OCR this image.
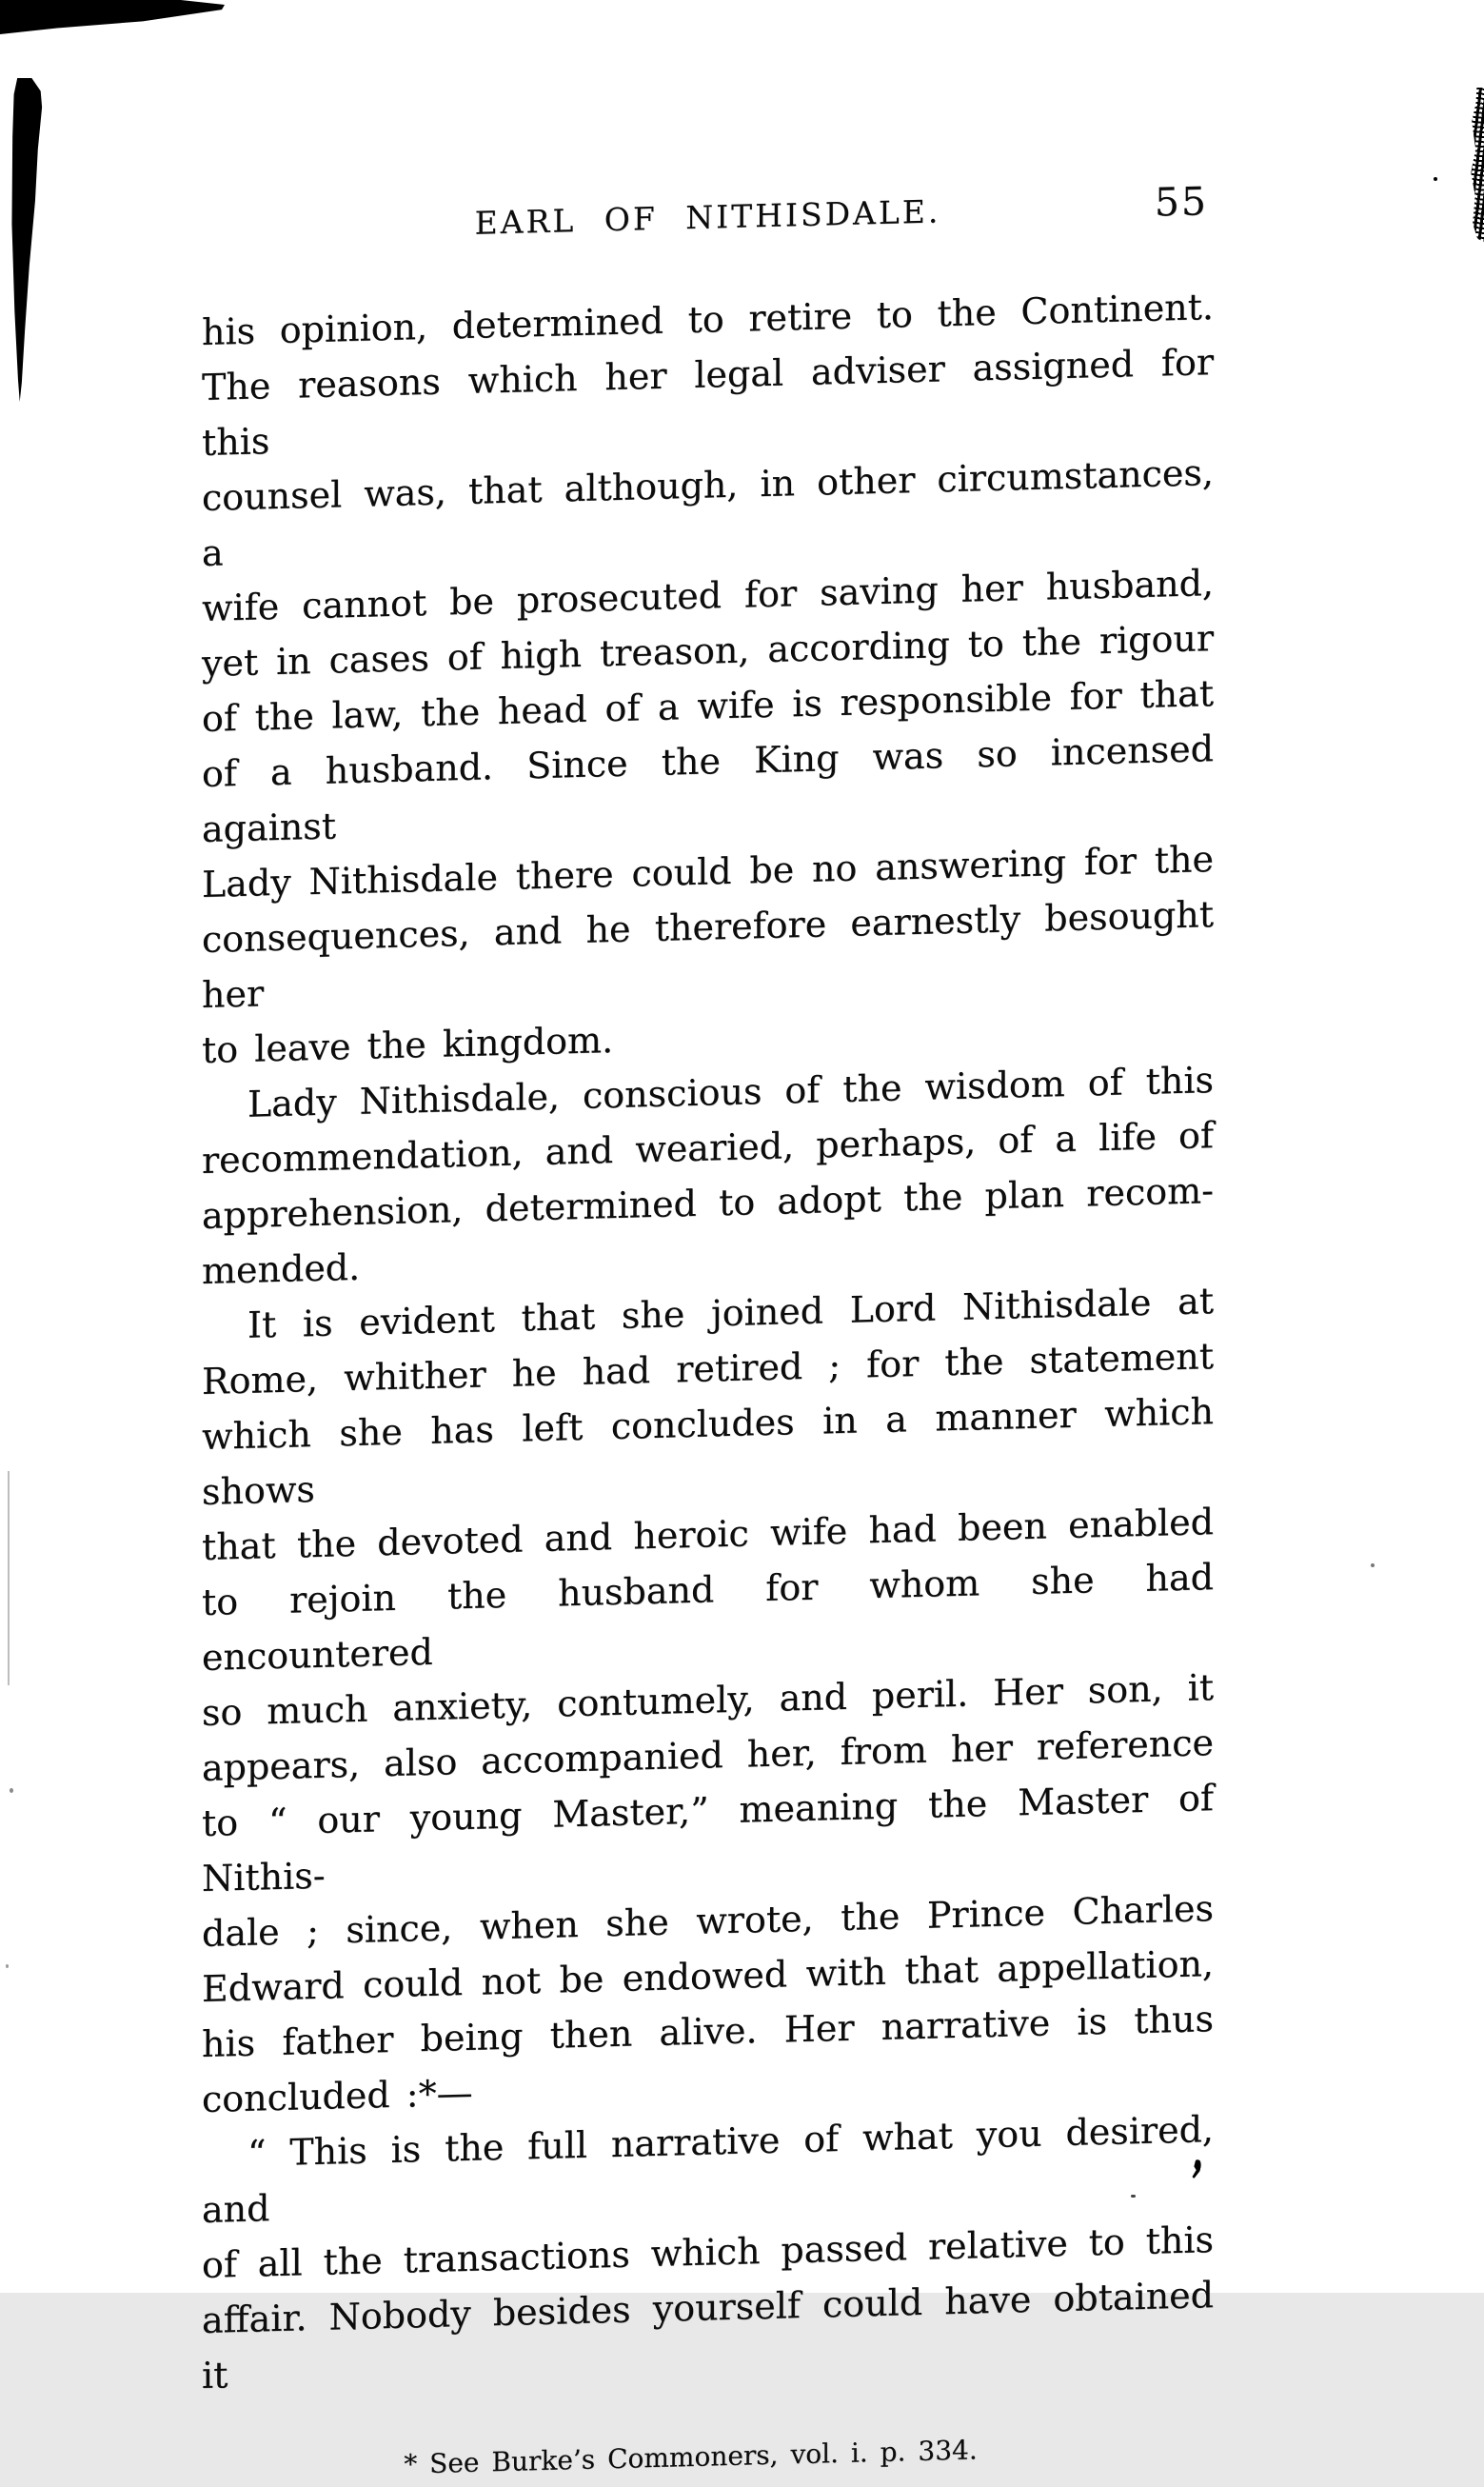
EARL OF NITHISDALE.	55
his opinion, determined to retire to the Continent.
The reasons which her legal adviser assigned for this
counsel was, that although, in other circumstances, a
wife cannot be prosecuted for saving her husband,
yet in cases of high treason, according to the rigour
of the law, the head of a wife is responsible for that
of a husband. Since the King was so incensed against
Lady Nithisdale there could be no answering for the
consequences, and he therefore earnestly besought her
to leave the kingdom.
Lady Nithisdale, conscious of the wisdom of this
recommendation, and wearied, perhaps, of a life of
apprehension, determined to adopt the plan recom-
mended.
It is evident that she joined Lord Nithisdale at
Rome, whither he had retired ; for the statement
which she has left concludes in a manner which shows
that the devoted and heroic wife had been enabled
to rejoin the husband for whom she had encountered
so much anxiety, contumely, and peril. Her son, it
appears, also accompanied her, from her reference
to “ our young Master,” meaning the Master of Nithis-
dale ; since, when she wrote, the Prince Charles
Edward could not be endowed with that appellation,
his father being then alive. Her narrative is thus
concluded :*—
“ This is the full narrative of what you desired, and
of all the transactions which passed relative to this
affair. Nobody besides yourself could have obtained it
* See Burke’s Commoners, vol. i. p. 334.
